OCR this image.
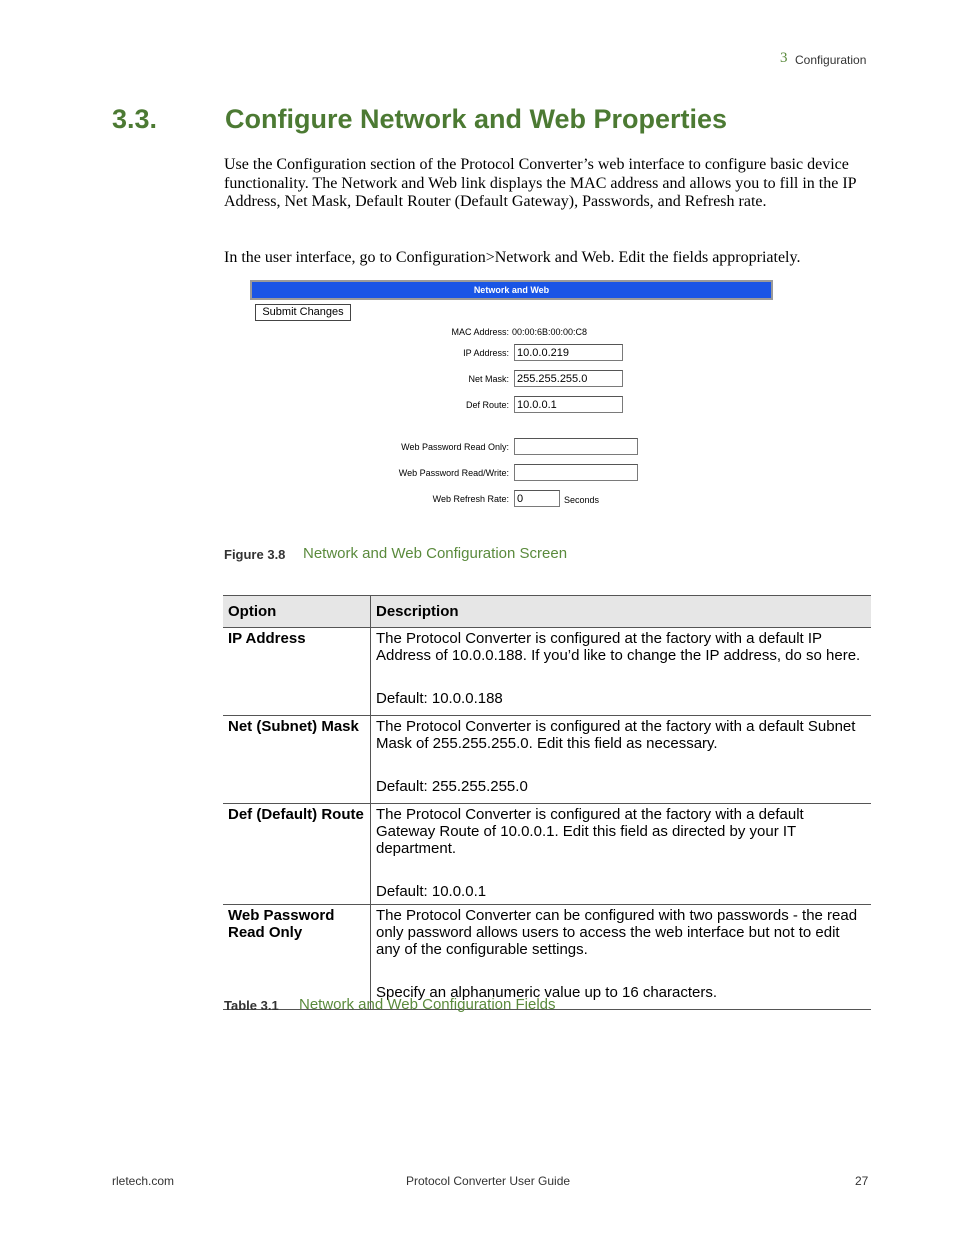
3 Configuration
3.3.	Configure Network and Web Properties
Use the Configuration section of the Protocol Converter’s web interface to configure basic device functionality. The Network and Web link displays the MAC address and allows you to fill in the IP Address, Net Mask, Default Router (Default Gateway), Passwords, and Refresh rate.
In the user interface, go to Configuration>Network and Web. Edit the fields appropriately.
Network and Web
Submit Changes
MAC Address: 00:00:6B:00:00:C8
IP Address: 10.0.0.219
Net Mask: 255.255.255.0
Def Route: 10.0.0.1
Web Password Read Only:
Web Password Read/Write:
Web Refresh Rate: 0	Seconds
Figure 3.8 Network and Web Configuration Screen
Option	Description
IP Address	The Protocol Converter is configured at the factory with a default IP Address of 10.0.0.188. If you’d like to change the IP address, do so here.
Default: 10.0.0.188

Net (Subnet) Mask	The Protocol Converter is configured at the factory with a default Subnet Mask of 255.255.255.0. Edit this field as necessary.
Default: 255.255.255.0

Def (Default) Route	The Protocol Converter is configured at the factory with a default Gateway Route of 10.0.0.1. Edit this field as directed by your IT department.
Default: 10.0.0.1

Web Password Read Only	The Protocol Converter can be configured with two passwords - the read only password allows users to access the web interface but not to edit any of the configurable settings.
Specify an alphanumeric value up to 16 characters.
Table 3.1 Network and Web Configuration Fields
rletech.com	Protocol Converter User Guide	27
